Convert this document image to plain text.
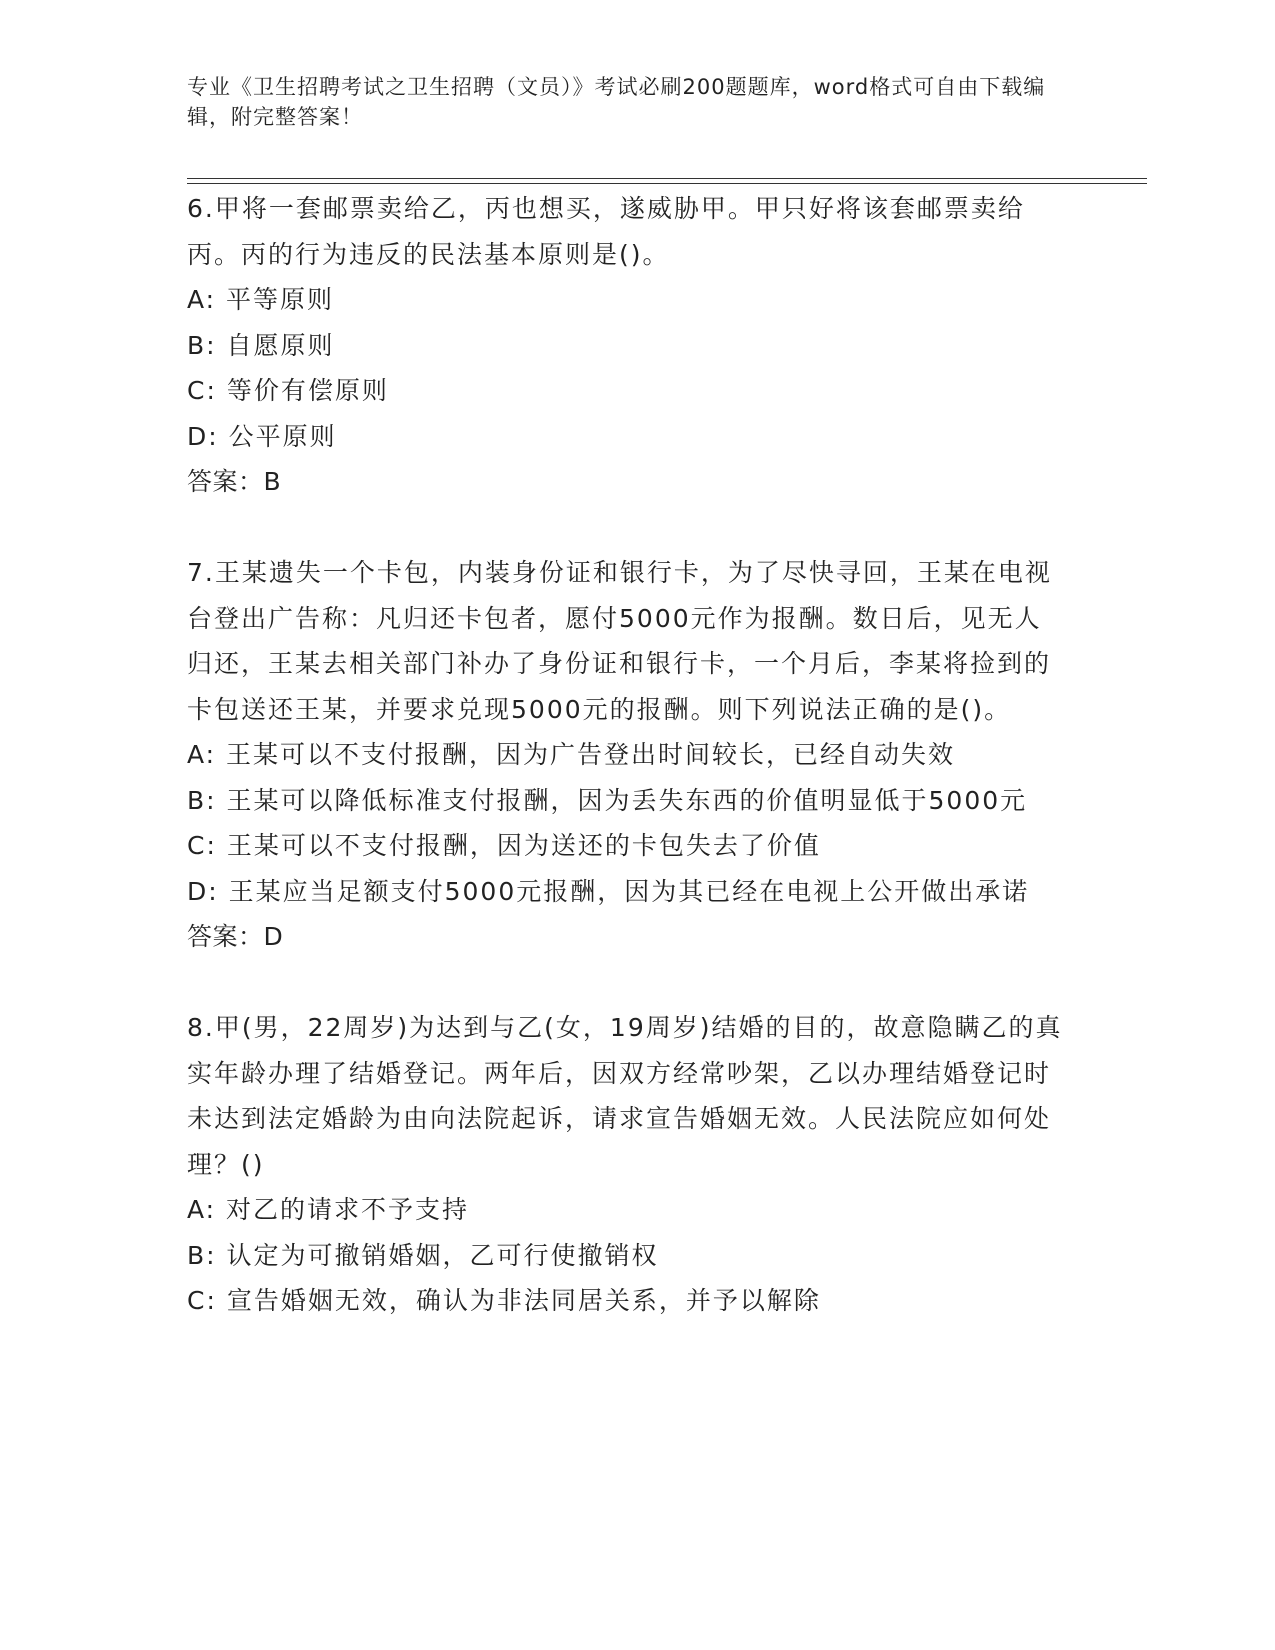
专业《卫生招聘考试之卫生招聘（文员）》考试必刷200题题库，word格式可自由下载编辑，附完整答案！

6.甲将一套邮票卖给乙，丙也想买，遂威胁甲。甲只好将该套邮票卖给丙。丙的行为违反的民法基本原则是()。

A: 平等原则

B: 自愿原则

C: 等价有偿原则

D: 公平原则

答案：B

7.王某遗失一个卡包，内装身份证和银行卡，为了尽快寻回，王某在电视台登出广告称：凡归还卡包者，愿付5000元作为报酬。数日后，见无人归还，王某去相关部门补办了身份证和银行卡，一个月后，李某将捡到的卡包送还王某，并要求兑现5000元的报酬。则下列说法正确的是()。

A: 王某可以不支付报酬，因为广告登出时间较长，已经自动失效

B: 王某可以降低标准支付报酬，因为丢失东西的价值明显低于5000元

C: 王某可以不支付报酬，因为送还的卡包失去了价值

D: 王某应当足额支付5000元报酬，因为其已经在电视上公开做出承诺

答案：D

8.甲(男，22周岁)为达到与乙(女，19周岁)结婚的目的，故意隐瞒乙的真实年龄办理了结婚登记。两年后，因双方经常吵架，乙以办理结婚登记时未达到法定婚龄为由向法院起诉，请求宣告婚姻无效。人民法院应如何处理？()

A: 对乙的请求不予支持

B: 认定为可撤销婚姻，乙可行使撤销权

C: 宣告婚姻无效，确认为非法同居关系，并予以解除
